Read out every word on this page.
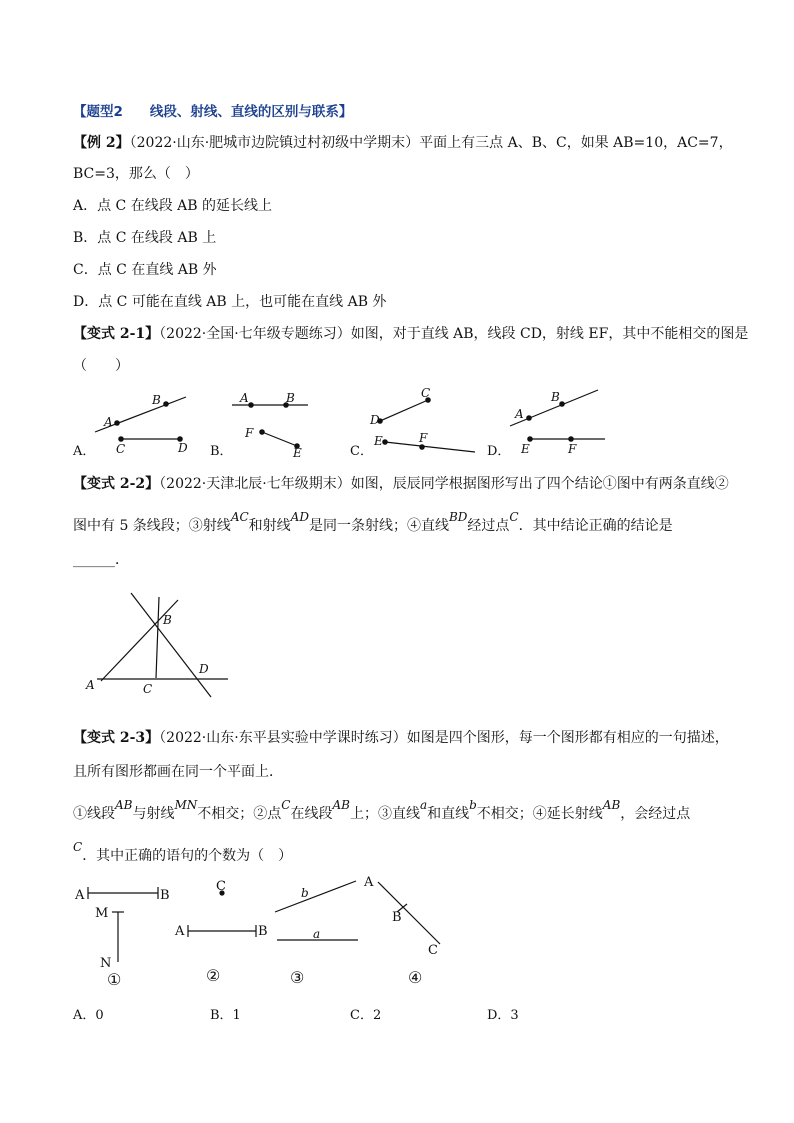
【题型2　　线段、射线、直线的区别与联系】
【例 2】（2022·山东·肥城市边院镇过村初级中学期末）平面上有三点 A、B、C，如果 AB=10，AC=7，
BC=3，那么（　）
A．点 C 在线段 AB 的延长线上
B．点 C 在线段 AB 上
C．点 C 在直线 AB 外
D．点 C 可能在直线 AB 上，也可能在直线 AB 外
【变式 2-1】（2022·全国·七年级专题练习）如图，对于直线 AB，线段 CD，射线 EF，其中不能相交的图是
（　　）
A．	B．	C．	D．
【变式 2-2】（2022·天津北辰·七年级期末）如图，辰辰同学根据图形写出了四个结论①图中有两条直线②
图中有 5 条线段；③射线AC和射线AD是同一条射线；④直线BD经过点C．其中结论正确的结论是
______．
【变式 2-3】（2022·山东·东平县实验中学课时练习）如图是四个图形，每一个图形都有相应的一句描述，
且所有图形都画在同一个平面上．
①线段AB与射线MN不相交；②点C在线段AB上；③直线a和直线b不相交；④延长射线AB，会经过点
C．其中正确的语句的个数为（　）
A．0	B．1	C．2	D．3
A
B
C	D
A	B
F
E
D
C
E	F
A
B
E	F
B
D
A	C
A	B
M
N
C
A	B
b
a
A
B
C
①	②	③	④
